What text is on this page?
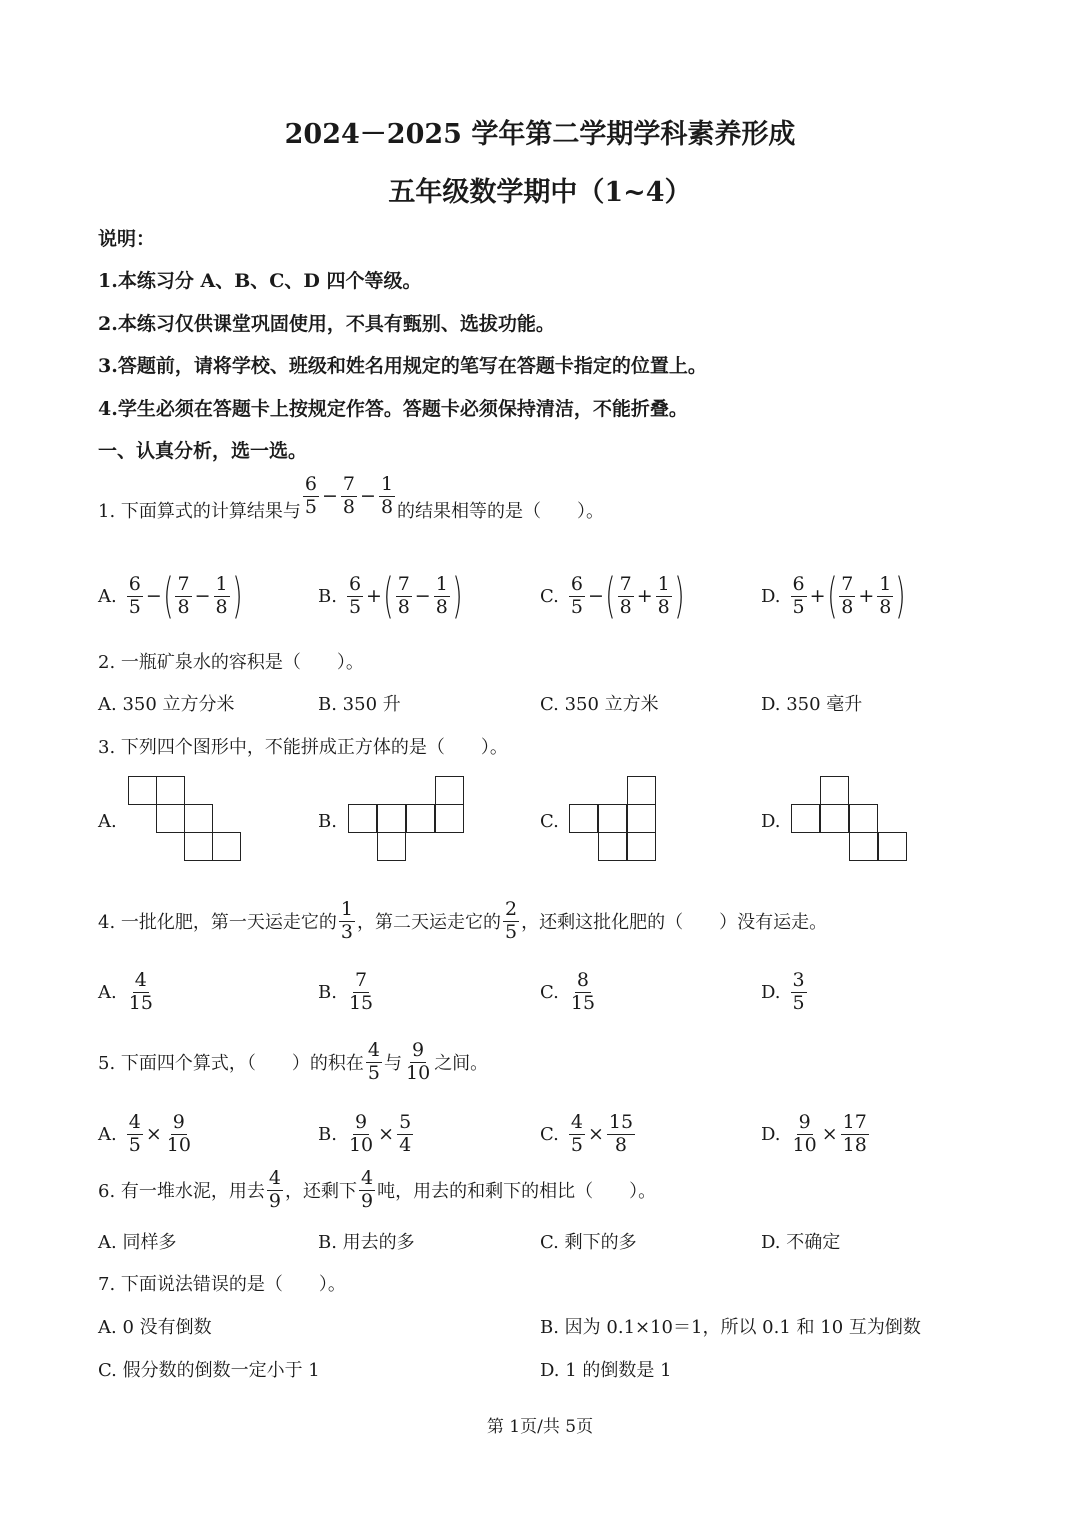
2024－2025 学年第二学期学科素养形成
五年级数学期中（1~4）
说明：
1.本练习分 A、B、C、D 四个等级。
2.本练习仅供课堂巩固使用，不具有甄别、选拔功能。
3.答题前，请将学校、班级和姓名用规定的笔写在答题卡指定的位置上。
4.学生必须在答题卡上按规定作答。答题卡必须保持清洁，不能折叠。
一、认真分析，选一选。
1. 下面算式的计算结果与 $\frac{6}{5} - \frac{7}{8} - \frac{1}{8}$ 的结果相等的是（　　）。
A. $\frac{6}{5}$ − ( $\frac{7}{8} - \frac{1}{8}$ )	B. $\frac{6}{5}$ + ( $\frac{7}{8} - \frac{1}{8}$ )	C. $\frac{6}{5}$ − ( $\frac{7}{8} + \frac{1}{8}$ )	D. $\frac{6}{5}$ + ( $\frac{7}{8} + \frac{1}{8}$ )
2. 一瓶矿泉水的容积是（　　）。
A. 350 立方分米	B. 350 升	C. 350 立方米	D. 350 毫升
3. 下列四个图形中，不能拼成正方体的是（　　）。
A.	B.	C.	D.
4. 一批化肥，第一天运走它的 $\frac{1}{3}$ ，第二天运走它的 $\frac{2}{5}$ ，还剩这批化肥的（　　）没有运走。
A. $\frac{4}{15}$	B. $\frac{7}{15}$	C. $\frac{8}{15}$	D. $\frac{3}{5}$
5. 下面四个算式，（　　）的积在 $\frac{4}{5}$ 与 $\frac{9}{10}$ 之间。
A. $\frac{4}{5} \times \frac{9}{10}$	B. $\frac{9}{10} \times \frac{5}{4}$	C. $\frac{4}{5} \times \frac{15}{8}$	D. $\frac{9}{10} \times \frac{17}{18}$
6. 有一堆水泥，用去 $\frac{4}{9}$ ，还剩下 $\frac{4}{9}$ 吨，用去的和剩下的相比（　　）。
A. 同样多	B. 用去的多	C. 剩下的多	D. 不确定
7. 下面说法错误的是（　　）。
A. 0 没有倒数	B. 因为 0.1×10＝1，所以 0.1 和 10 互为倒数
C. 假分数的倒数一定小于 1	D. 1 的倒数是 1
第 1页/共 5页
